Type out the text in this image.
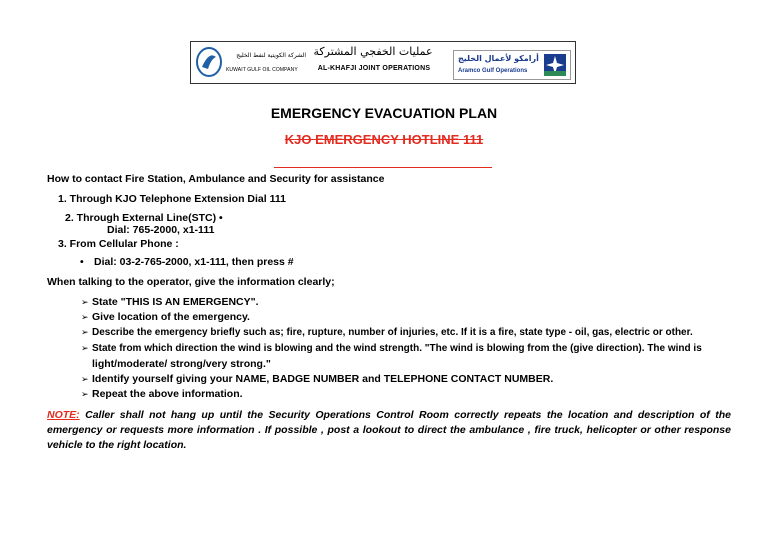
الشركة الكويتية لنفط الخليج
KUWAIT GULF OIL COMPANY
عمليات الخفجي المشتركة
AL-KHAFJI JOINT OPERATIONS
أرامكو لأعمال الخليج
Aramco Gulf Operations
EMERGENCY EVACUATION PLAN
KJO EMERGENCY HOTLINE 111
How to contact Fire Station, Ambulance and Security for assistance
1. Through KJO Telephone Extension Dial 111
2. Through External Line(STC) •
Dial: 765-2000, x1-111
3. From Cellular Phone :
• Dial: 03-2-765-2000, x1-111, then press #
When talking to the operator, give the information clearly;
➢ State "THIS IS AN EMERGENCY".
➢ Give location of the emergency.
➢ Describe the emergency briefly such as; fire, rupture, number of injuries, etc. If it is a fire, state type - oil, gas, electric or other.
➢ State from which direction the wind is blowing and the wind strength. "The wind is blowing from the (give direction). The wind is
light/moderate/ strong/very strong."
➢ Identify yourself giving your NAME, BADGE NUMBER and TELEPHONE CONTACT NUMBER.
➢ Repeat the above information.
NOTE: Caller shall not hang up until the Security Operations Control Room correctly repeats the location and description of the emergency or requests more information . If possible , post a lookout to direct the ambulance , fire truck, helicopter or other response vehicle to the right location.
